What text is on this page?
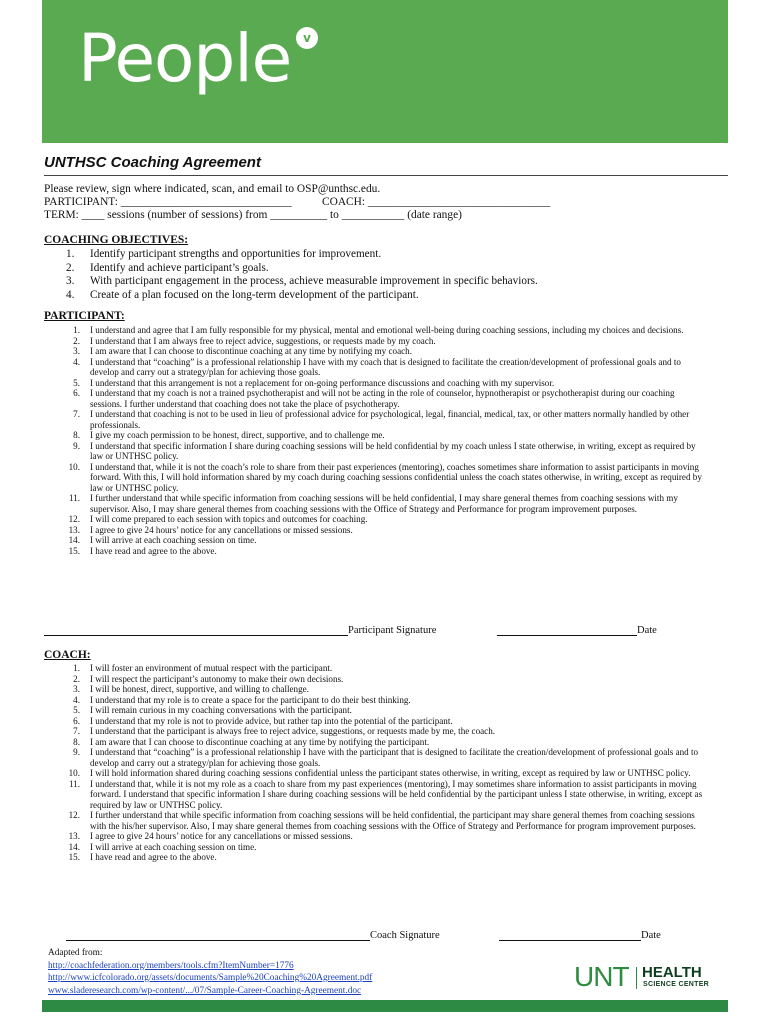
People v
UNTHSC Coaching Agreement
Please review, sign where indicated, scan, and email to OSP@unthsc.edu.
PARTICIPANT: ______________________________	COACH: ________________________________
TERM: ____ sessions (number of sessions) from __________ to ___________ (date range)
COACHING OBJECTIVES:
1. Identify participant strengths and opportunities for improvement.
2. Identify and achieve participant’s goals.
3. With participant engagement in the process, achieve measurable improvement in specific behaviors.
4. Create of a plan focused on the long-term development of the participant.
PARTICIPANT:
1. I understand and agree that I am fully responsible for my physical, mental and emotional well-being during coaching sessions, including my choices and decisions.
2. I understand that I am always free to reject advice, suggestions, or requests made by my coach.
3. I am aware that I can choose to discontinue coaching at any time by notifying my coach.
4. I understand that “coaching” is a professional relationship I have with my coach that is designed to facilitate the creation/development of professional goals and to develop and carry out a strategy/plan for achieving those goals.
5. I understand that this arrangement is not a replacement for on-going performance discussions and coaching with my supervisor.
6. I understand that my coach is not a trained psychotherapist and will not be acting in the role of counselor, hypnotherapist or psychotherapist during our coaching sessions. I further understand that coaching does not take the place of psychotherapy.
7. I understand that coaching is not to be used in lieu of professional advice for psychological, legal, financial, medical, tax, or other matters normally handled by other professionals.
8. I give my coach permission to be honest, direct, supportive, and to challenge me.
9. I understand that specific information I share during coaching sessions will be held confidential by my coach unless I state otherwise, in writing, except as required by law or UNTHSC policy.
10. I understand that, while it is not the coach’s role to share from their past experiences (mentoring), coaches sometimes share information to assist participants in moving forward. With this, I will hold information shared by my coach during coaching sessions confidential unless the coach states otherwise, in writing, except as required by law or UNTHSC policy.
11. I further understand that while specific information from coaching sessions will be held confidential, I may share general themes from coaching sessions with my supervisor. Also, I may share general themes from coaching sessions with the Office of Strategy and Performance for program improvement purposes.
12. I will come prepared to each session with topics and outcomes for coaching.
13. I agree to give 24 hours’ notice for any cancellations or missed sessions.
14. I will arrive at each coaching session on time.
15. I have read and agree to the above.
Participant Signature	Date
COACH:
1. I will foster an environment of mutual respect with the participant.
2. I will respect the participant’s autonomy to make their own decisions.
3. I will be honest, direct, supportive, and willing to challenge.
4. I understand that my role is to create a space for the participant to do their best thinking.
5. I will remain curious in my coaching conversations with the participant.
6. I understand that my role is not to provide advice, but rather tap into the potential of the participant.
7. I understand that the participant is always free to reject advice, suggestions, or requests made by me, the coach.
8. I am aware that I can choose to discontinue coaching at any time by notifying the participant.
9. I understand that “coaching” is a professional relationship I have with the participant that is designed to facilitate the creation/development of professional goals and to develop and carry out a strategy/plan for achieving those goals.
10. I will hold information shared during coaching sessions confidential unless the participant states otherwise, in writing, except as required by law or UNTHSC policy.
11. I understand that, while it is not my role as a coach to share from my past experiences (mentoring), I may sometimes share information to assist participants in moving forward. I understand that specific information I share during coaching sessions will be held confidential by the participant unless I state otherwise, in writing, except as required by law or UNTHSC policy.
12. I further understand that while specific information from coaching sessions will be held confidential, the participant may share general themes from coaching sessions with the his/her supervisor. Also, I may share general themes from coaching sessions with the Office of Strategy and Performance for program improvement purposes.
13. I agree to give 24 hours’ notice for any cancellations or missed sessions.
14. I will arrive at each coaching session on time.
15. I have read and agree to the above.
Coach Signature	Date
Adapted from:
http://coachfederation.org/members/tools.cfm?ItemNumber=1776
http://www.icfcolorado.org/assets/documents/Sample%20Coaching%20Agreement.pdf
www.sladeresearch.com/wp-content/.../07/Sample-Career-Coaching-Agreement.doc	UNT HEALTH
SCIENCE CENTER
